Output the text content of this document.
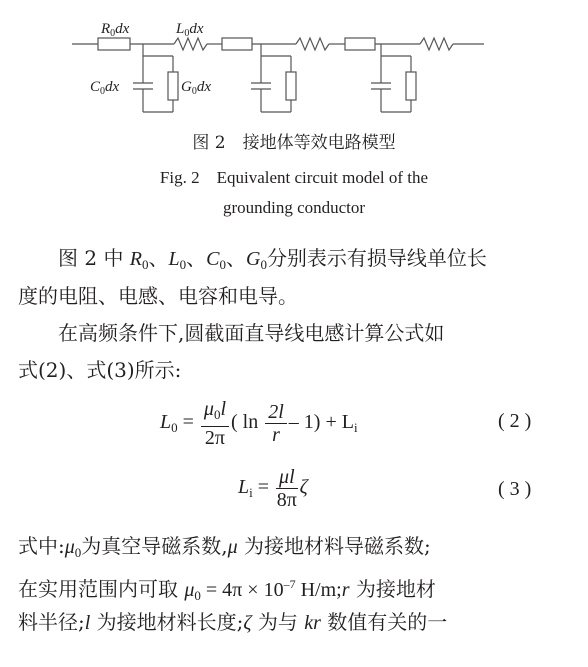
$R_0dx$	$L_0dx$
$C_0dx$	$G_0dx$
图 2　接地体等效电路模型
Fig. 2　Equivalent circuit model of the
grounding conductor
图 2 中 $R_0$、$L_0$、$C_0$、$G_0$分别表示有损导线单位长
度的电阻、电感、电容和电导。
在高频条件下,圆截面直导线电感计算公式如
式(2)、式(3)所示:
$L_0 = \frac{\mu_0l}{2\pi}$ ( $\ln \frac{2l}{r} - 1) + L_i$	( 2 )
$L_i = \frac{\mu l}{8\pi}$ ζ	( 3 )
式中$:\mu_0$为真空导磁系数,μ 为接地材料导磁系数;
在实用范围内可取 $\mu_0 = 4\pi \times 10^{-7}$ H/m;r 为接地材
料半径;l 为接地材料长度;ζ 为与 kr 数值有关的一
